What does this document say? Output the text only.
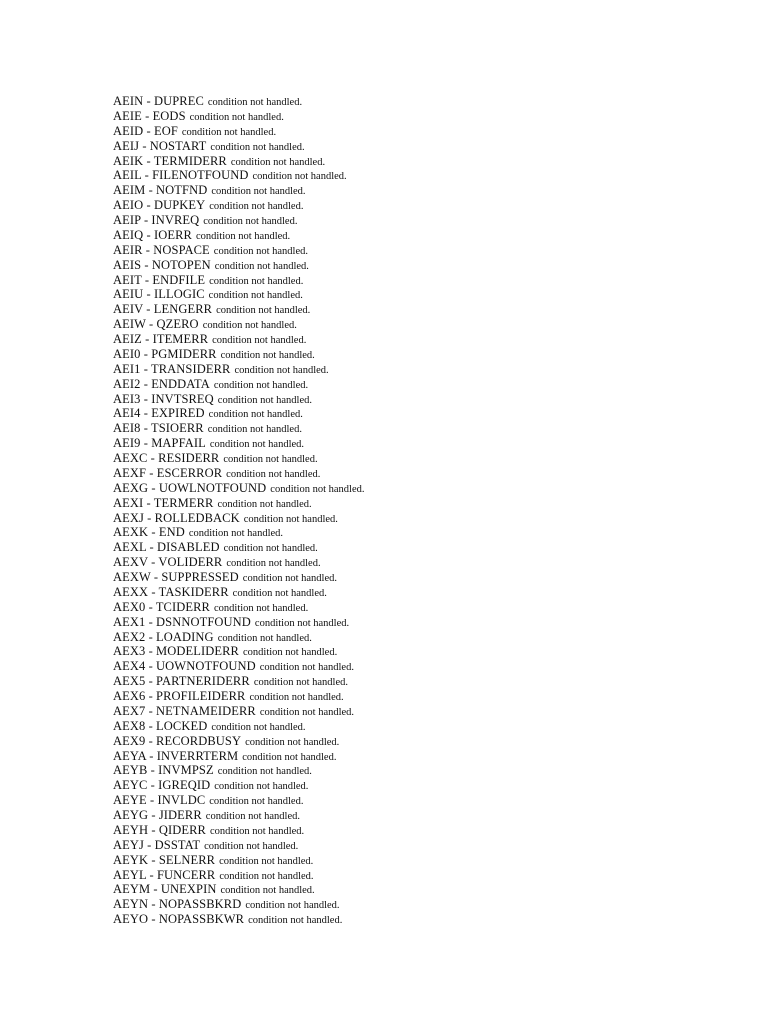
AEIN - DUPREC condition not handled.
AEIE - EODS condition not handled.
AEID - EOF condition not handled.
AEIJ - NOSTART condition not handled.
AEIK - TERMIDERR condition not handled.
AEIL - FILENOTFOUND condition not handled.
AEIM - NOTFND condition not handled.
AEIO - DUPKEY condition not handled.
AEIP - INVREQ condition not handled.
AEIQ - IOERR condition not handled.
AEIR - NOSPACE condition not handled.
AEIS - NOTOPEN condition not handled.
AEIT - ENDFILE condition not handled.
AEIU - ILLOGIC condition not handled.
AEIV - LENGERR condition not handled.
AEIW - QZERO condition not handled.
AEIZ - ITEMERR condition not handled.
AEI0 - PGMIDERR condition not handled.
AEI1 - TRANSIDERR condition not handled.
AEI2 - ENDDATA condition not handled.
AEI3 - INVTSREQ condition not handled.
AEI4 - EXPIRED condition not handled.
AEI8 - TSIOERR condition not handled.
AEI9 - MAPFAIL condition not handled.
AEXC - RESIDERR condition not handled.
AEXF - ESCERROR condition not handled.
AEXG - UOWLNOTFOUND condition not handled.
AEXI - TERMERR condition not handled.
AEXJ - ROLLEDBACK condition not handled.
AEXK - END condition not handled.
AEXL - DISABLED condition not handled.
AEXV - VOLIDERR condition not handled.
AEXW - SUPPRESSED condition not handled.
AEXX - TASKIDERR condition not handled.
AEX0 - TCIDERR condition not handled.
AEX1 - DSNNOTFOUND condition not handled.
AEX2 - LOADING condition not handled.
AEX3 - MODELIDERR condition not handled.
AEX4 - UOWNOTFOUND condition not handled.
AEX5 - PARTNERIDERR condition not handled.
AEX6 - PROFILEIDERR condition not handled.
AEX7 - NETNAMEIDERR condition not handled.
AEX8 - LOCKED condition not handled.
AEX9 - RECORDBUSY condition not handled.
AEYA - INVERRTERM condition not handled.
AEYB - INVMPSZ condition not handled.
AEYC - IGREQID condition not handled.
AEYE - INVLDC condition not handled.
AEYG - JIDERR condition not handled.
AEYH - QIDERR condition not handled.
AEYJ - DSSTAT condition not handled.
AEYK - SELNERR condition not handled.
AEYL - FUNCERR condition not handled.
AEYM - UNEXPIN condition not handled.
AEYN - NOPASSBKRD condition not handled.
AEYO - NOPASSBKWR condition not handled.
